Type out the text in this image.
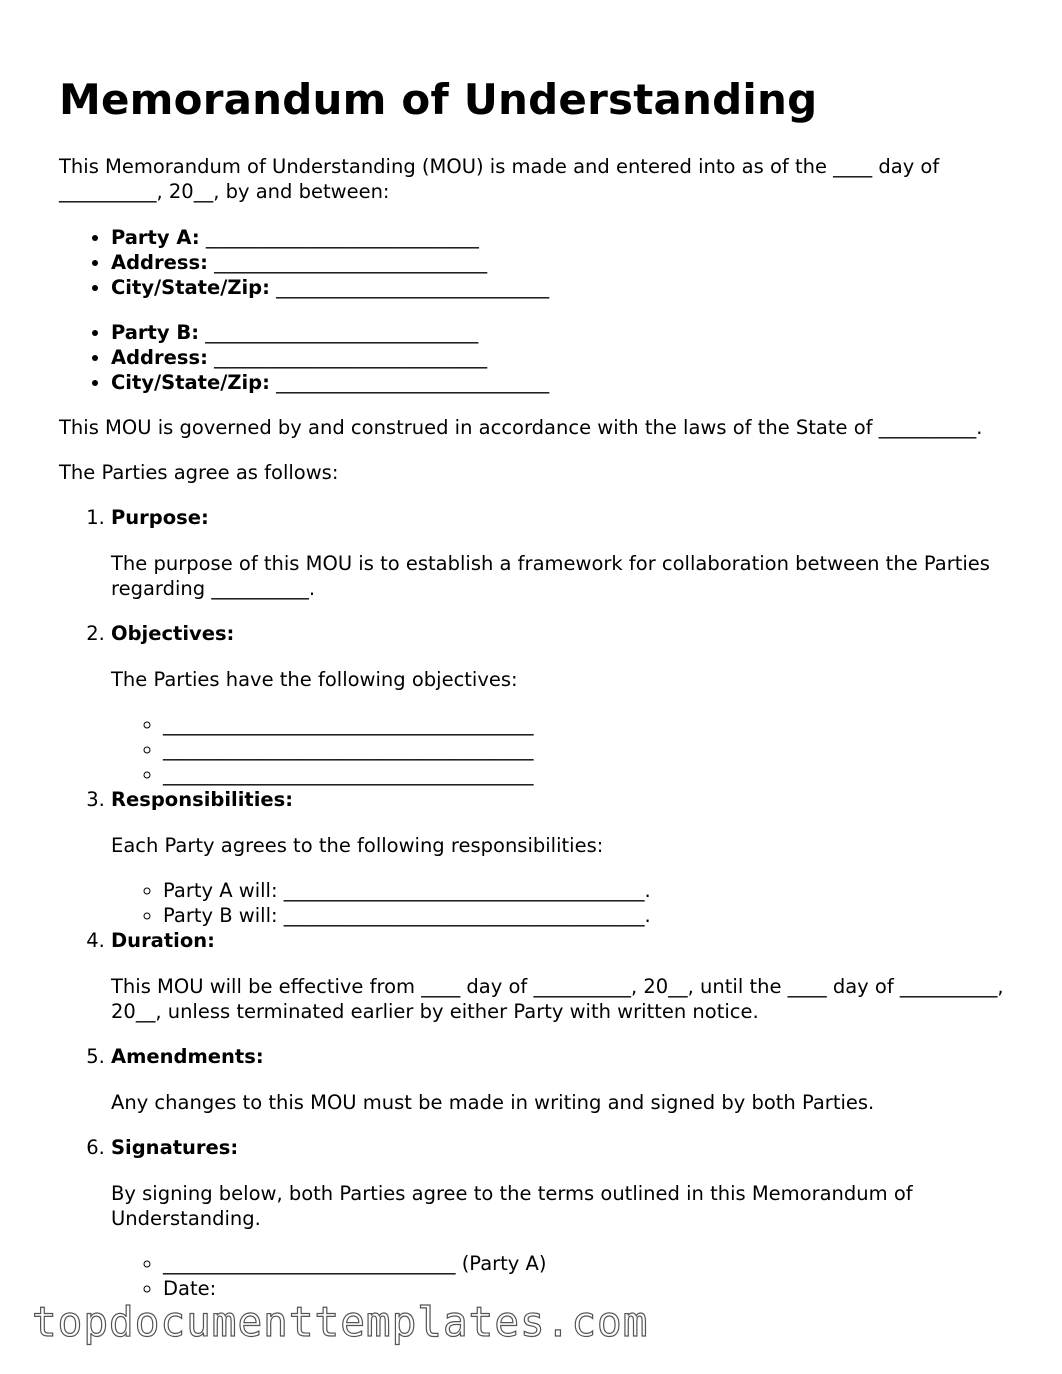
Memorandum of Understanding

This Memorandum of Understanding (MOU) is made and entered into as of the ____ day of __________, 20__, by and between:

• Party A: ____________________________
• Address: ____________________________
• City/State/Zip: ____________________________
• Party B: ____________________________
• Address: ____________________________
• City/State/Zip: ____________________________

This MOU is governed by and construed in accordance with the laws of the State of __________.

The Parties agree as follows:

1. Purpose:

The purpose of this MOU is to establish a framework for collaboration between the Parties regarding __________.

2. Objectives:

The Parties have the following objectives:

◦ ______________________________________
◦ ______________________________________
◦ ______________________________________
3. Responsibilities:

Each Party agrees to the following responsibilities:

◦ Party A will: _____________________________________.
◦ Party B will: _____________________________________.
4. Duration:

This MOU will be effective from ____ day of __________, 20__, until the ____ day of __________, 20__, unless terminated earlier by either Party with written notice.

5. Amendments:

Any changes to this MOU must be made in writing and signed by both Parties.

6. Signatures:

By signing below, both Parties agree to the terms outlined in this Memorandum of Understanding.

◦ ______________________________ (Party A)
◦ Date:
topdocumenttemplates.com
